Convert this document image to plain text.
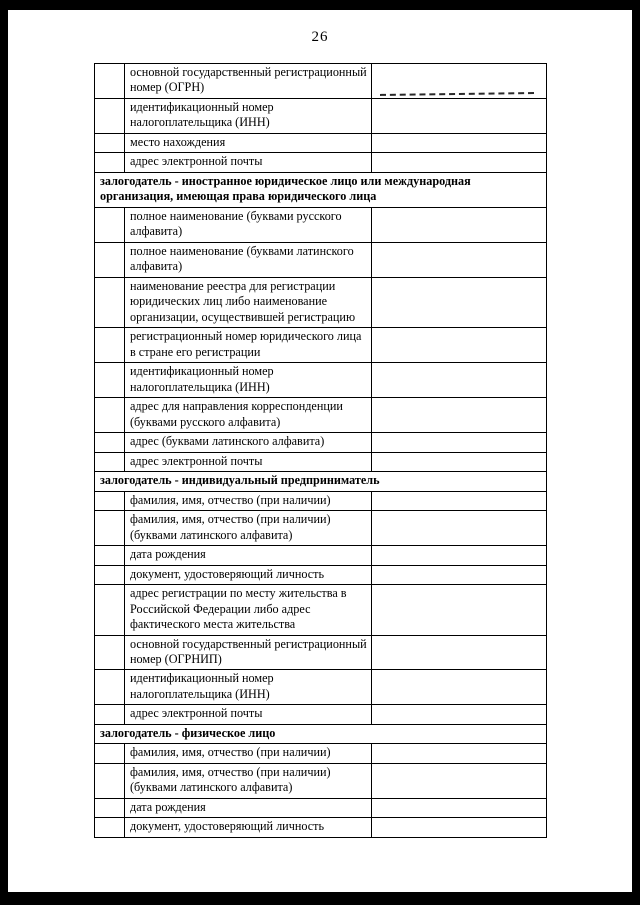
26
	основной государственный регистрационный номер (ОГРН)	

	идентификационный номер налогоплательщика (ИНН)	
	место нахождения	
	адрес электронной почты	
залогодатель - иностранное юридическое лицо или международная организация, имеющая права юридического лица		
	полное наименование (буквами русского алфавита)	
	полное наименование (буквами латинского алфавита)	
	наименование реестра для регистрации юридических лиц либо наименование организации, осуществившей регистрацию	
	регистрационный номер юридического лица в стране его регистрации	
	идентификационный номер налогоплательщика (ИНН)	
	адрес для направления корреспонденции (буквами русского алфавита)	
	адрес (буквами латинского алфавита)	
	адрес электронной почты	
залогодатель - индивидуальный предприниматель		
	фамилия, имя, отчество (при наличии)	
	фамилия, имя, отчество (при наличии) (буквами латинского алфавита)	
	дата рождения	
	документ, удостоверяющий личность	
	адрес регистрации по месту жительства в Российской Федерации либо адрес фактического места жительства	
	основной государственный регистрационный номер (ОГРНИП)	
	идентификационный номер налогоплательщика (ИНН)	
	адрес электронной почты	
залогодатель - физическое лицо		
	фамилия, имя, отчество (при наличии)	
	фамилия, имя, отчество (при наличии) (буквами латинского алфавита)	
	дата рождения	
	документ, удостоверяющий личность	
